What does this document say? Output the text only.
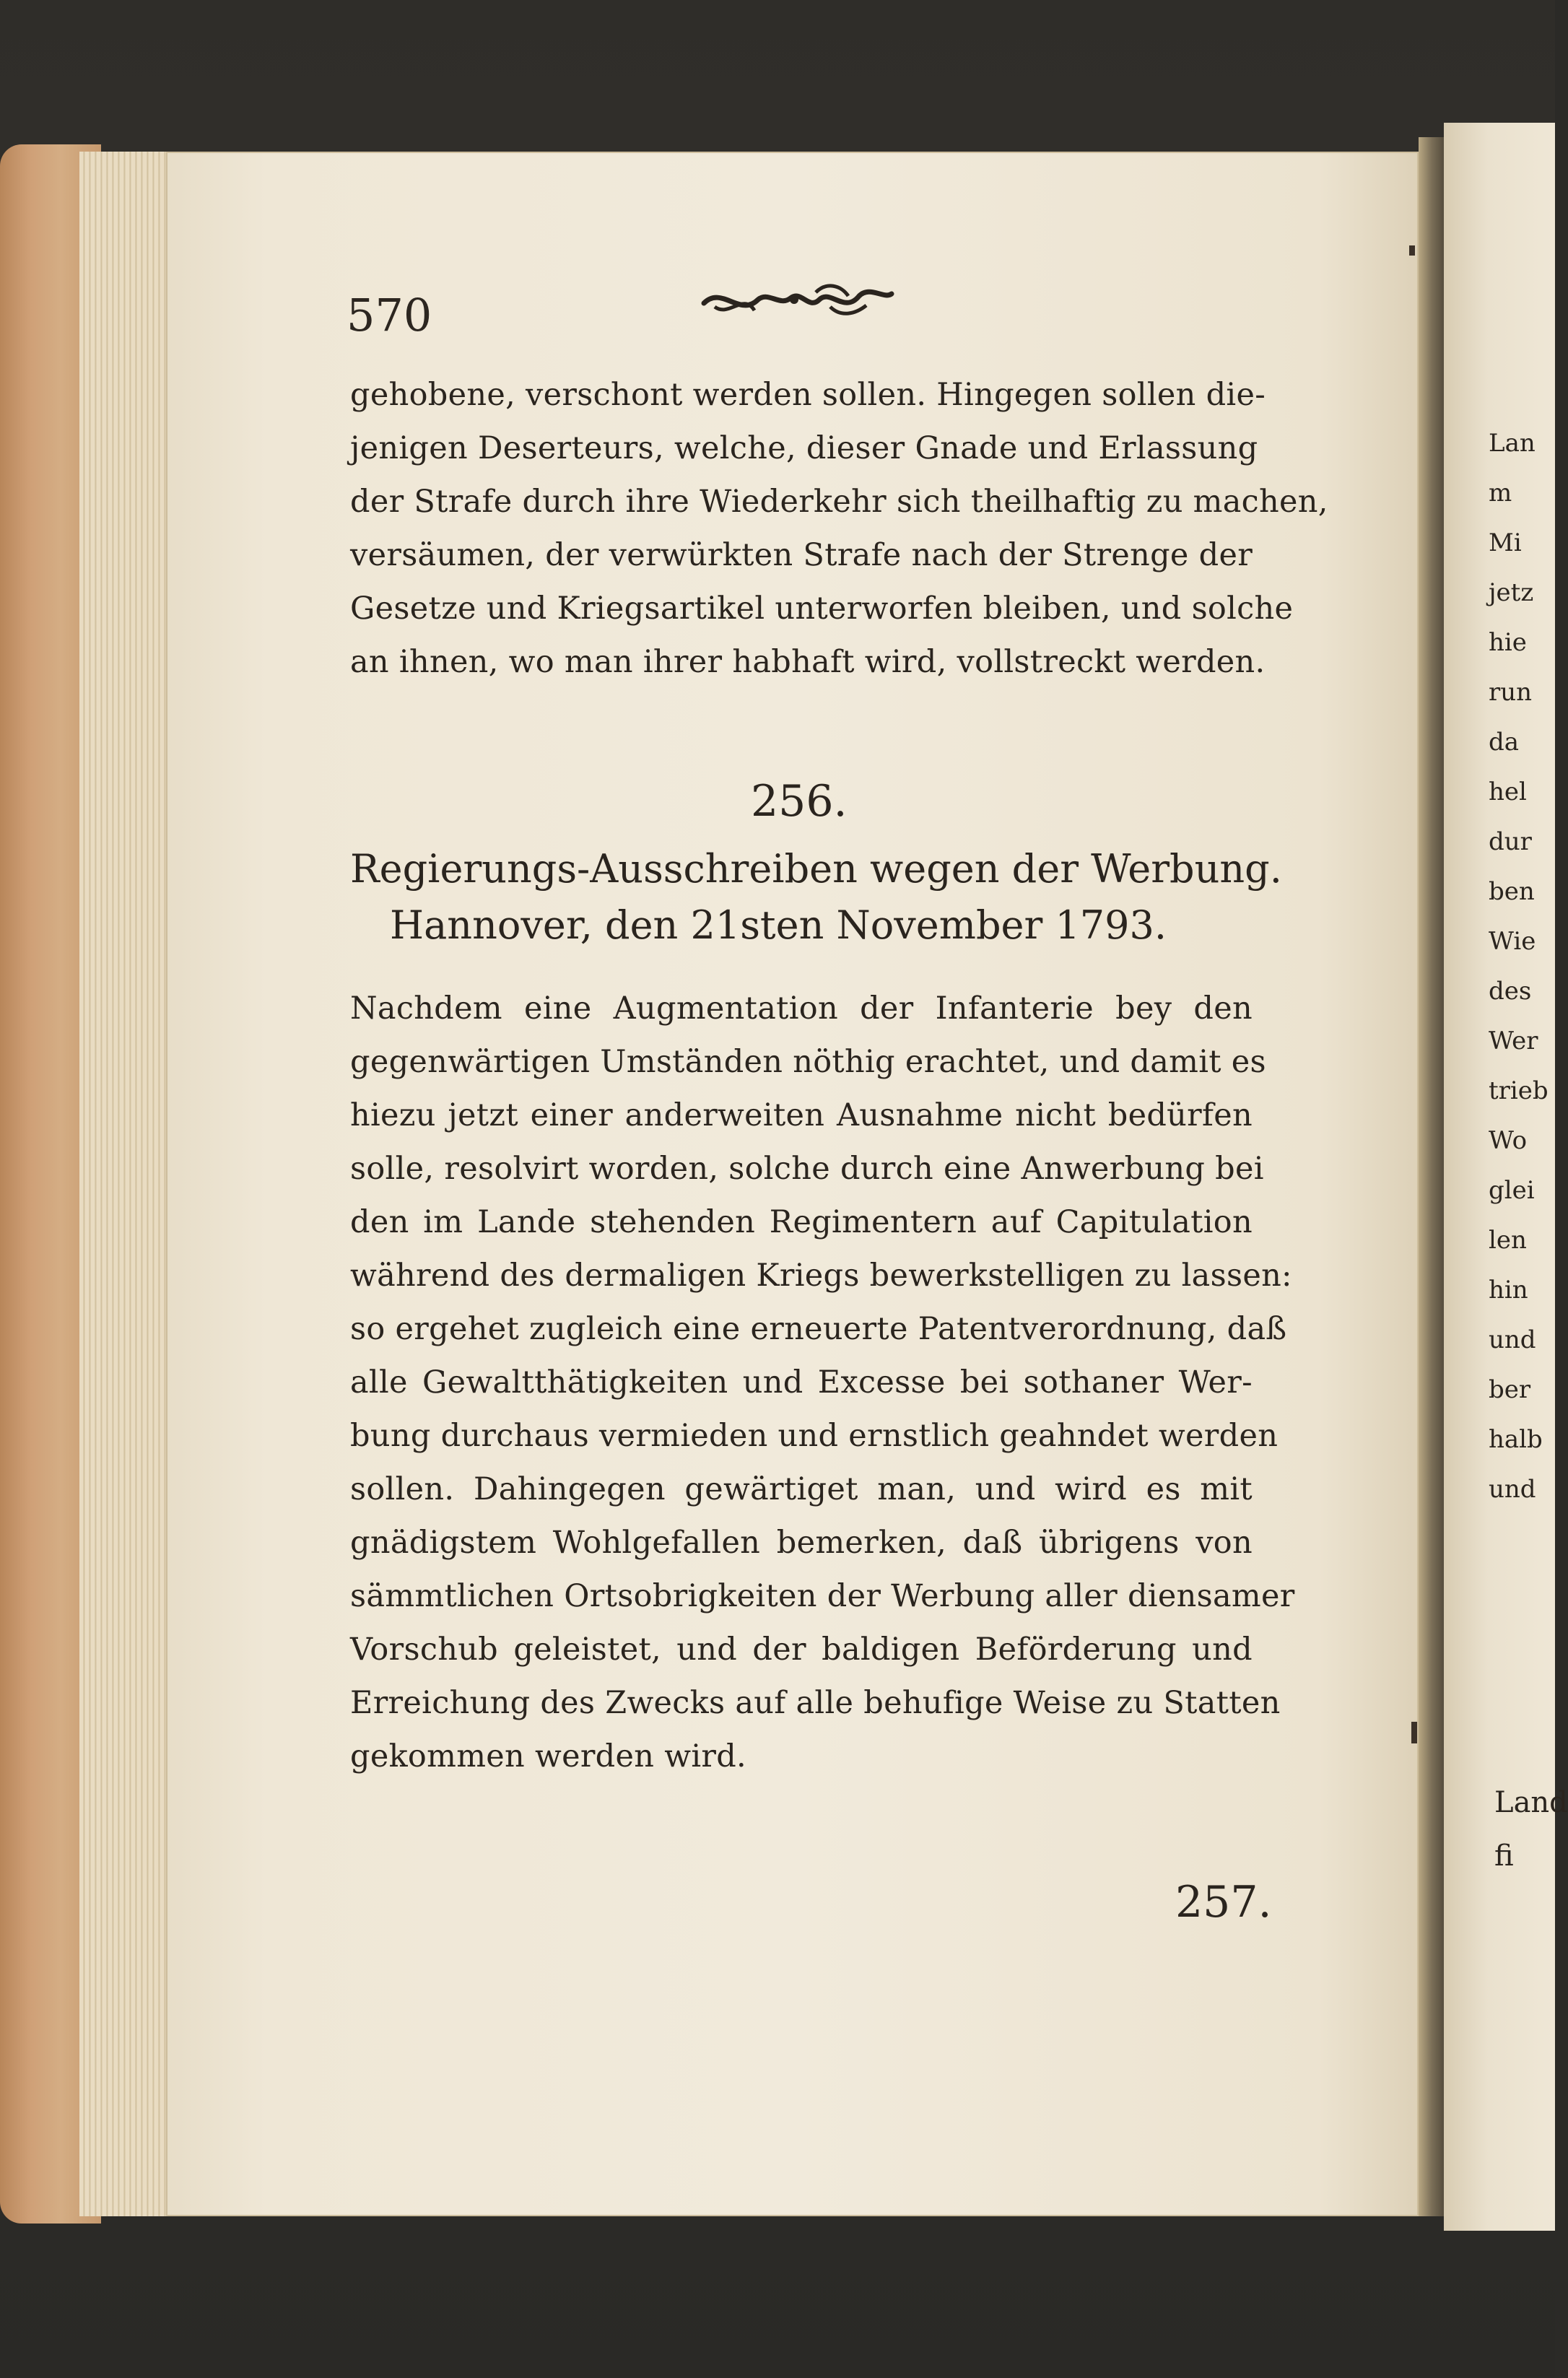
570
gehobene, verschont werden sollen. Hingegen sollen die-
jenigen Deserteurs, welche, dieser Gnade und Erlassung
der Strafe durch ihre Wiederkehr sich theilhaftig zu machen,
versäumen, der verwürkten Strafe nach der Strenge der
Gesetze und Kriegsartikel unterworfen bleiben, und solche
an ihnen, wo man ihrer habhaft wird, vollstreckt werden.
256.
Regierungs-Ausschreiben wegen der Werbung.
Hannover, den 21sten November 1793.
Nachdem eine Augmentation der Infanterie bey den
gegenwärtigen Umständen nöthig erachtet, und damit es
hiezu jetzt einer anderweiten Ausnahme nicht bedürfen
solle, resolvirt worden, solche durch eine Anwerbung bei
den im Lande stehenden Regimentern auf Capitulation
während des dermaligen Kriegs bewerkstelligen zu lassen:
so ergehet zugleich eine erneuerte Patentverordnung, daß
alle Gewaltthätigkeiten und Excesse bei sothaner Wer-
bung durchaus vermieden und ernstlich geahndet werden
sollen. Dahingegen gewärtiget man, und wird es mit
gnädigstem Wohlgefallen bemerken, daß übrigens von
sämmtlichen Ortsobrigkeiten der Werbung aller diensamer
Vorschub geleistet, und der baldigen Beförderung und
Erreichung des Zwecks auf alle behufige Weise zu Statten
gekommen werden wird.
257.
Lan
m
Mi
jetz
hie
run
da
hel
dur
ben
Wie
des
Wer
trieb
Wo
glei
len
hin
und
ber
halb
und
Land
fi
